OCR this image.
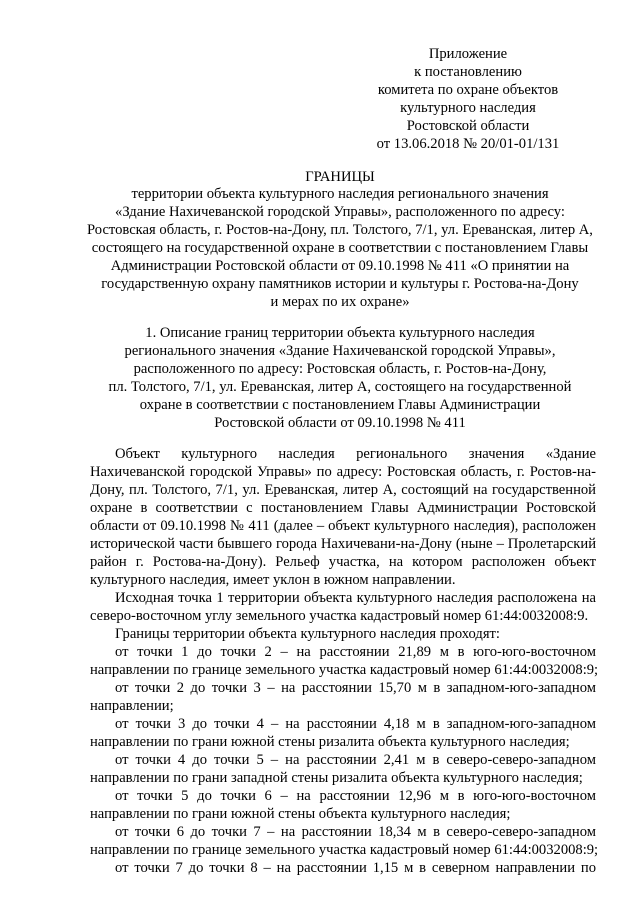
Приложение
к постановлению
комитета по охране объектов
культурного наследия
Ростовской области
от 13.06.2018 № 20/01-01/131
ГРАНИЦЫ
территории объекта культурного наследия регионального значения
«Здание Нахичеванской городской Управы», расположенного по адресу:
Ростовская область, г. Ростов-на-Дону, пл. Толстого, 7/1, ул. Ереванская, литер А,
состоящего на государственной охране в соответствии с постановлением Главы
Администрации Ростовской области от 09.10.1998 № 411 «О принятии на
государственную охрану памятников истории и культуры г. Ростова-на-Дону
и мерах по их охране»
1. Описание границ территории объекта культурного наследия
регионального значения «Здание Нахичеванской городской Управы»,
расположенного по адресу: Ростовская область, г. Ростов-на-Дону,
пл. Толстого, 7/1, ул. Ереванская, литер А, состоящего на государственной
охране в соответствии с постановлением Главы Администрации
Ростовской области от 09.10.1998 № 411
Объект культурного наследия регионального значения «Здание
Нахичеванской городской Управы» по адресу: Ростовская область, г. Ростов-на-
Дону, пл. Толстого, 7/1, ул. Ереванская, литер А, состоящий на государственной
охране в соответствии с постановлением Главы Администрации Ростовской
области от 09.10.1998 № 411 (далее – объект культурного наследия), расположен
исторической части бывшего города Нахичевани-на-Дону (ныне – Пролетарский
район г. Ростова-на-Дону). Рельеф участка, на котором расположен объект
культурного наследия, имеет уклон в южном направлении.
Исходная точка 1 территории объекта культурного наследия расположена на
северо-восточном углу земельного участка кадастровый номер 61:44:0032008:9.
Границы территории объекта культурного наследия проходят:
от точки 1 до точки 2 – на расстоянии 21,89 м в юго-юго-восточном
направлении по границе земельного участка кадастровый номер 61:44:0032008:9;
от точки 2 до точки 3 – на расстоянии 15,70 м в западном-юго-западном
направлении;
от точки 3 до точки 4 – на расстоянии 4,18 м в западном-юго-западном
направлении по грани южной стены ризалита объекта культурного наследия;
от точки 4 до точки 5 – на расстоянии 2,41 м в северо-северо-западном
направлении по грани западной стены ризалита объекта культурного наследия;
от точки 5 до точки 6 – на расстоянии 12,96 м в юго-юго-восточном
направлении по грани южной стены объекта культурного наследия;
от точки 6 до точки 7 – на расстоянии 18,34 м в северо-северо-западном
направлении по границе земельного участка кадастровый номер 61:44:0032008:9;
от точки 7 до точки 8 – на расстоянии 1,15 м в северном направлении по
